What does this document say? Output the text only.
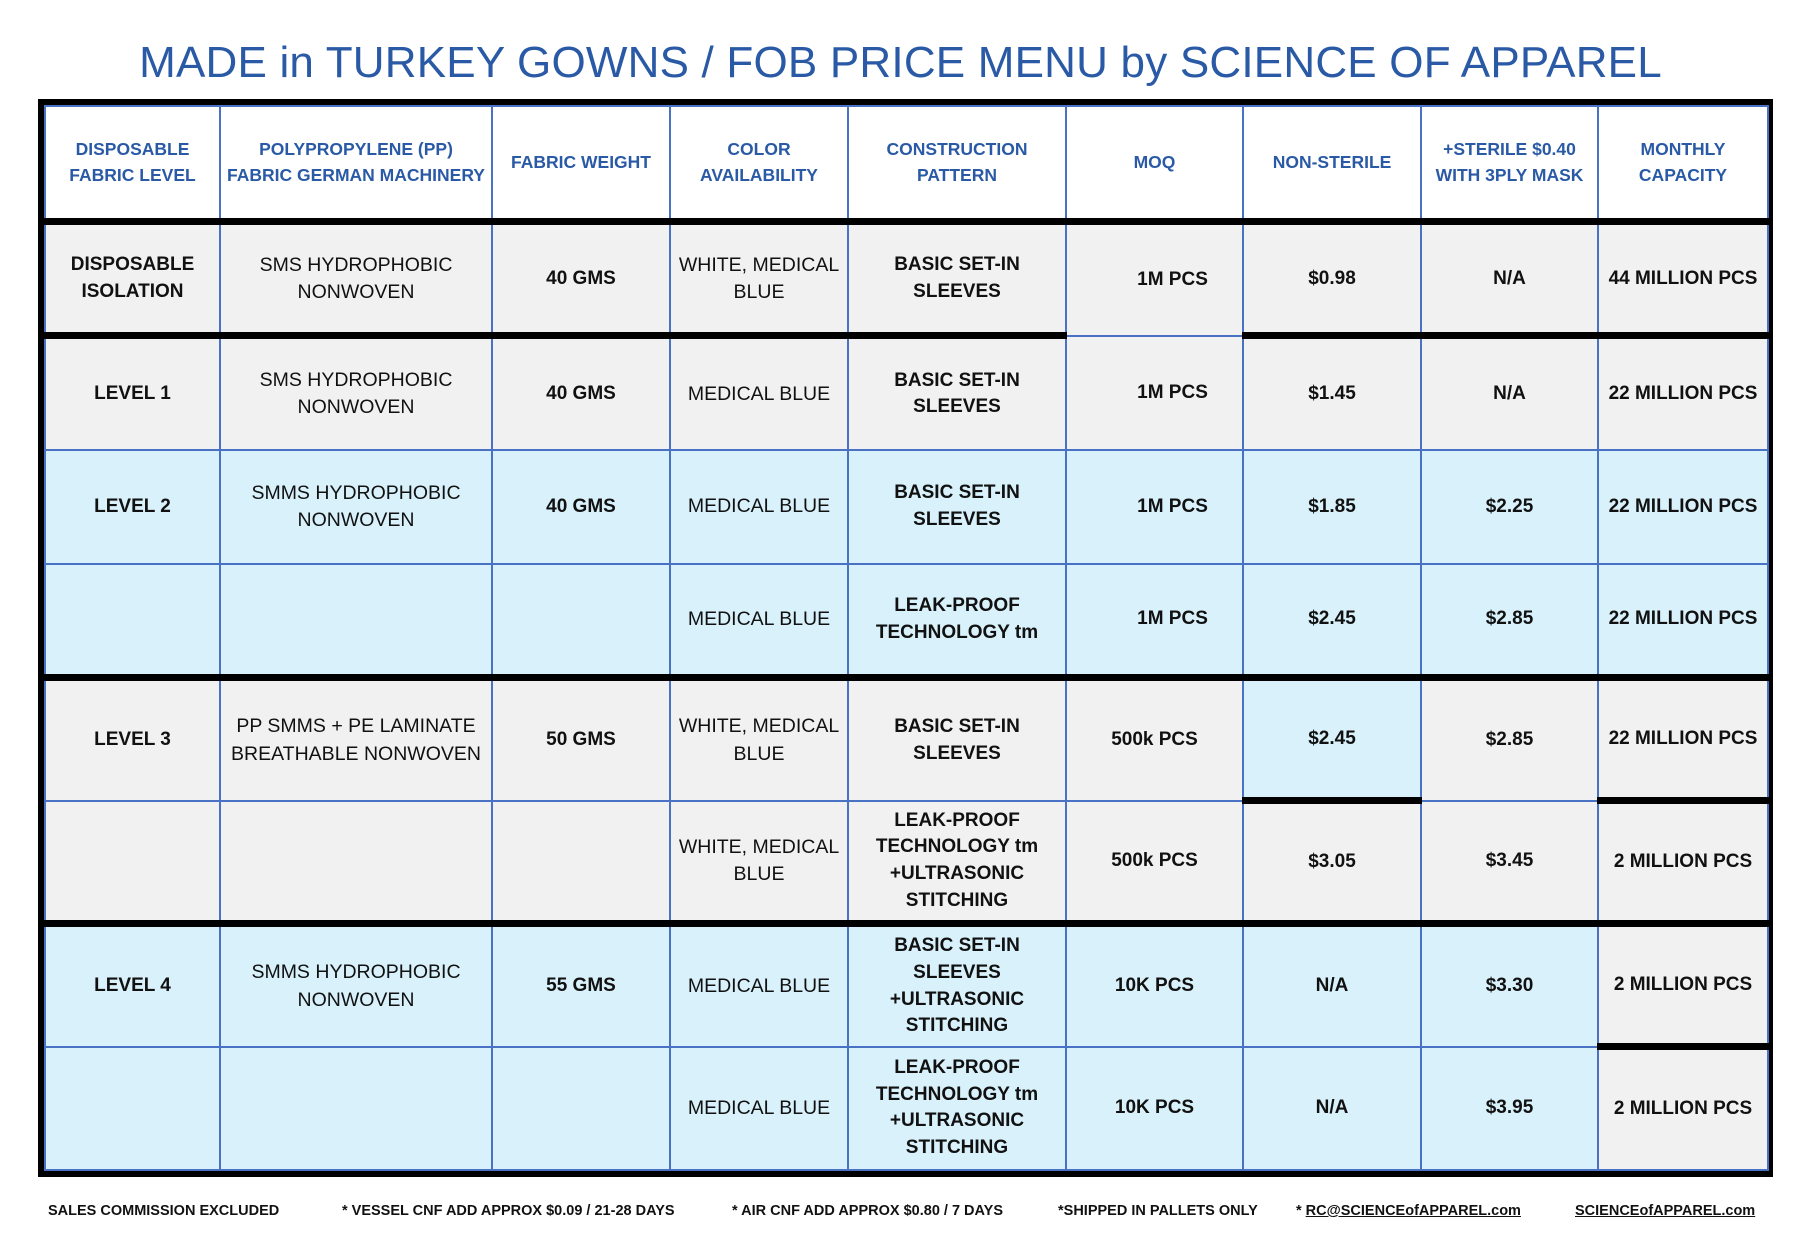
MADE in TURKEY GOWNS / FOB PRICE MENU by SCIENCE OF APPAREL
DISPOSABLE FABRIC LEVEL	POLYPROPYLENE (PP) FABRIC GERMAN MACHINERY	FABRIC WEIGHT	COLOR AVAILABILITY	CONSTRUCTION PATTERN	MOQ	NON-STERILE	+STERILE $0.40 WITH 3PLY MASK	MONTHLY CAPACITY
DISPOSABLE ISOLATION	SMS HYDROPHOBIC NONWOVEN	40 GMS	WHITE, MEDICAL BLUE	BASIC SET-IN SLEEVES	1M PCS	$0.98	N/A	44 MILLION PCS
LEVEL 1	SMS HYDROPHOBIC NONWOVEN	40 GMS	MEDICAL BLUE	BASIC SET-IN SLEEVES	1M PCS	$1.45	N/A	22 MILLION PCS
LEVEL 2	SMMS HYDROPHOBIC NONWOVEN	40 GMS	MEDICAL BLUE	BASIC SET-IN SLEEVES	1M PCS	$1.85	$2.25	22 MILLION PCS
			MEDICAL BLUE	LEAK-PROOF TECHNOLOGY tm	1M PCS	$2.45	$2.85	22 MILLION PCS
LEVEL 3	PP SMMS + PE LAMINATE BREATHABLE NONWOVEN	50 GMS	WHITE, MEDICAL BLUE	BASIC SET-IN SLEEVES	500k PCS	$2.45	$2.85	22 MILLION PCS
			WHITE, MEDICAL BLUE	LEAK-PROOF TECHNOLOGY tm +ULTRASONIC STITCHING	500k PCS	$3.05	$3.45	2 MILLION PCS
LEVEL 4	SMMS HYDROPHOBIC NONWOVEN	55 GMS	MEDICAL BLUE	BASIC SET-IN SLEEVES +ULTRASONIC STITCHING	10K PCS	N/A	$3.30	2 MILLION PCS
			MEDICAL BLUE	LEAK-PROOF TECHNOLOGY tm +ULTRASONIC STITCHING	10K PCS	N/A	$3.95	2 MILLION PCS
SALES COMMISSION EXCLUDED	* VESSEL CNF ADD APPROX $0.09 / 21-28 DAYS	* AIR CNF ADD APPROX $0.80 / 7 DAYS	*SHIPPED IN PALLETS ONLY	* RC@SCIENCEofAPPAREL.com	SCIENCEofAPPAREL.com
